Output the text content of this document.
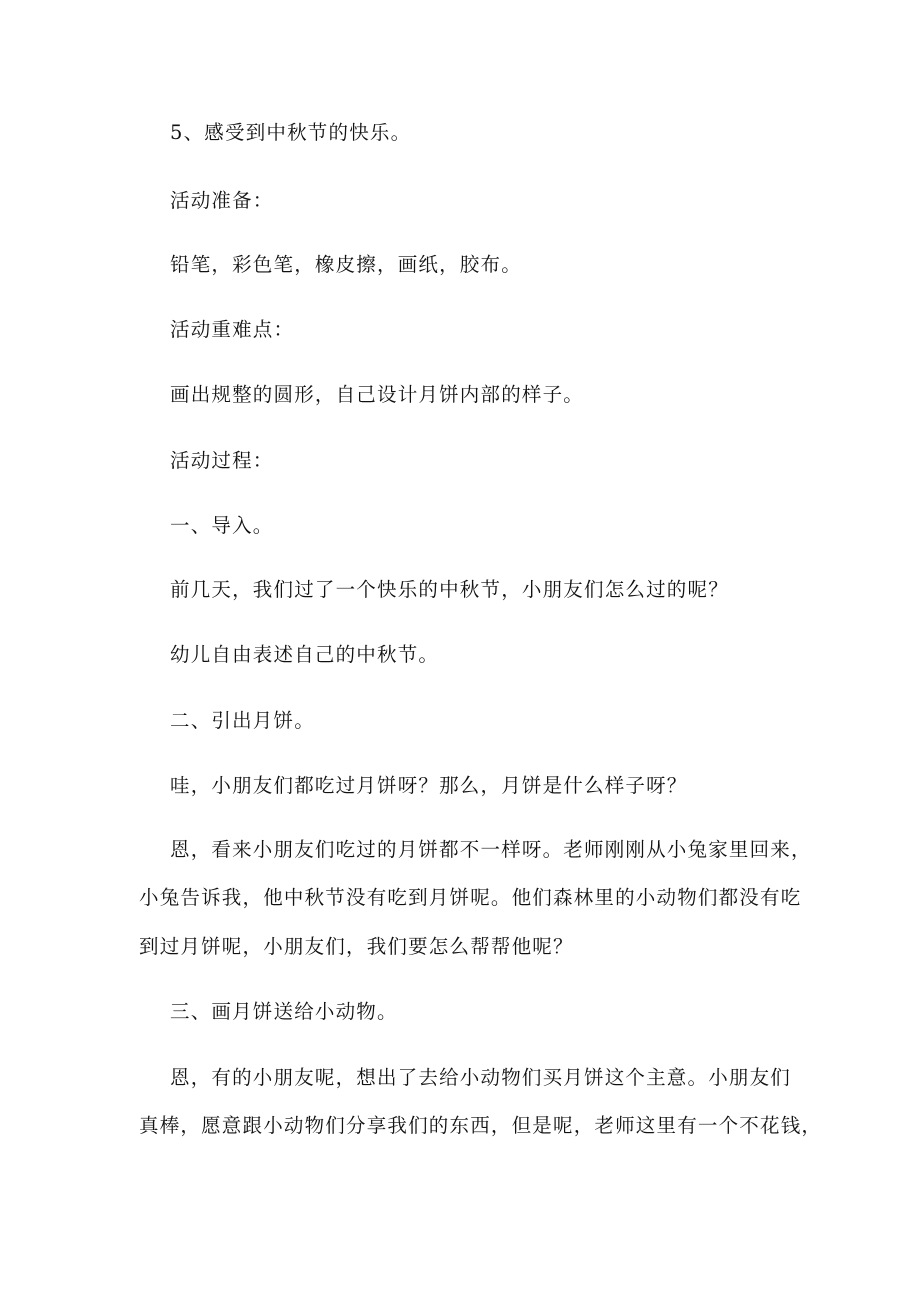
5、感受到中秋节的快乐。
活动准备：
铅笔，彩色笔，橡皮擦，画纸，胶布。
活动重难点：
画出规整的圆形，自己设计月饼内部的样子。
活动过程：
一、导入。
前几天，我们过了一个快乐的中秋节，小朋友们怎么过的呢？
幼儿自由表述自己的中秋节。
二、引出月饼。
哇，小朋友们都吃过月饼呀？那么，月饼是什么样子呀？
恩，看来小朋友们吃过的月饼都不一样呀。老师刚刚从小兔家里回来，
小兔告诉我，他中秋节没有吃到月饼呢。他们森林里的小动物们都没有吃
到过月饼呢，小朋友们，我们要怎么帮帮他呢？
三、画月饼送给小动物。
恩，有的小朋友呢，想出了去给小动物们买月饼这个主意。小朋友们
真棒，愿意跟小动物们分享我们的东西，但是呢，老师这里有一个不花钱，
